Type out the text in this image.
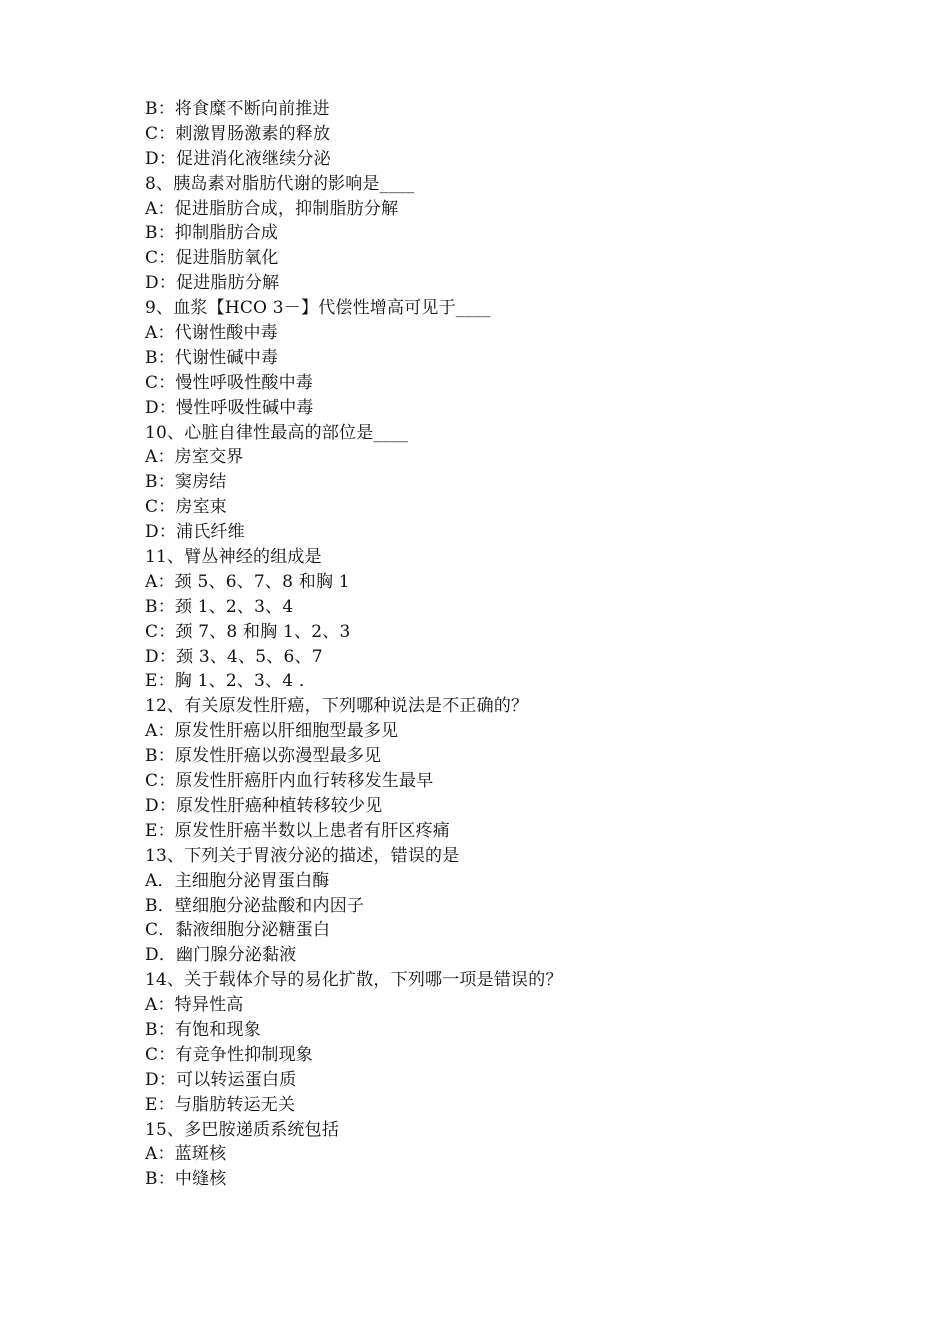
B：将食糜不断向前推进
C：刺激胃肠激素的释放
D：促进消化液继续分泌
8、胰岛素对脂肪代谢的影响是____
A：促进脂肪合成，抑制脂肪分解
B：抑制脂肪合成
C：促进脂肪氧化
D：促进脂肪分解
9、血浆【HCO 3－】代偿性增高可见于____
A：代谢性酸中毒
B：代谢性碱中毒
C：慢性呼吸性酸中毒
D：慢性呼吸性碱中毒
10、心脏自律性最高的部位是____
A：房室交界
B：窦房结
C：房室束
D：浦氏纤维
11、臂丛神经的组成是
A：颈 5、6、7、8 和胸 1
B：颈 1、2、3、4
C：颈 7、8 和胸 1、2、3
D：颈 3、4、5、6、7
E：胸 1、2、3、4 ．
12、有关原发性肝癌，下列哪种说法是不正确的？
A：原发性肝癌以肝细胞型最多见
B：原发性肝癌以弥漫型最多见
C：原发性肝癌肝内血行转移发生最早
D：原发性肝癌种植转移较少见
E：原发性肝癌半数以上患者有肝区疼痛
13、下列关于胃液分泌的描述，错误的是
A．主细胞分泌胃蛋白酶
B．壁细胞分泌盐酸和内因子
C．黏液细胞分泌糖蛋白
D．幽门腺分泌黏液
14、关于载体介导的易化扩散，下列哪一项是错误的？
A：特异性高
B：有饱和现象
C：有竞争性抑制现象
D：可以转运蛋白质
E：与脂肪转运无关
15、多巴胺递质系统包括
A：蓝斑核
B：中缝核
